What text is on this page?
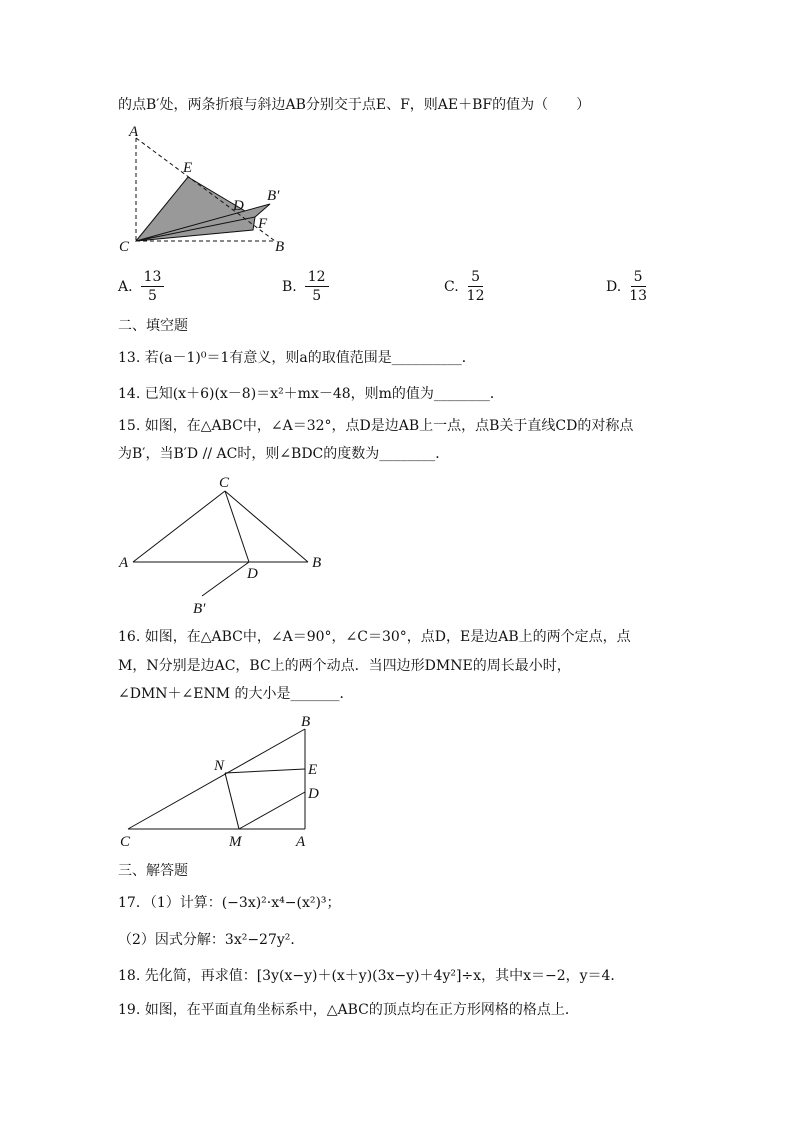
的点B′处，两条折痕与斜边AB分别交于点E、F，则AE＋BF的值为（　　）
A
E
D
B′
F
C	B
A. $\frac{13}{5}$	B. $\frac{12}{5}$	C. $\frac{5}{12}$	D. $\frac{5}{13}$
二、填空题
13. 若(a－1)⁰＝1有意义，则a的取值范围是__________．
14. 已知(x＋6)(x－8)＝x²＋mx－48，则m的值为________．
15. 如图，在△ABC中，∠A＝32°，点D是边AB上一点，点B关于直线CD的对称点
为B′，当B′D // AC时，则∠BDC的度数为________．
C
A
D
B
B′
16. 如图，在△ABC中，∠A＝90°，∠C＝30°，点D，E是边AB上的两个定点，点
M，N分别是边AC，BC上的两个动点．当四边形DMNE的周长最小时，
∠DMN＋∠ENM 的大小是_______．
B
N	E
D
C	M	A
三、解答题
17．（1）计算：(−3x)²·x⁴−(x²)³；
（2）因式分解：3x²−27y²．
18. 先化简，再求值：[3y(x−y)＋(x＋y)(3x−y)＋4y²]÷x，其中x＝−2，y＝4．
19. 如图，在平面直角坐标系中，△ABC的顶点均在正方形网格的格点上．
